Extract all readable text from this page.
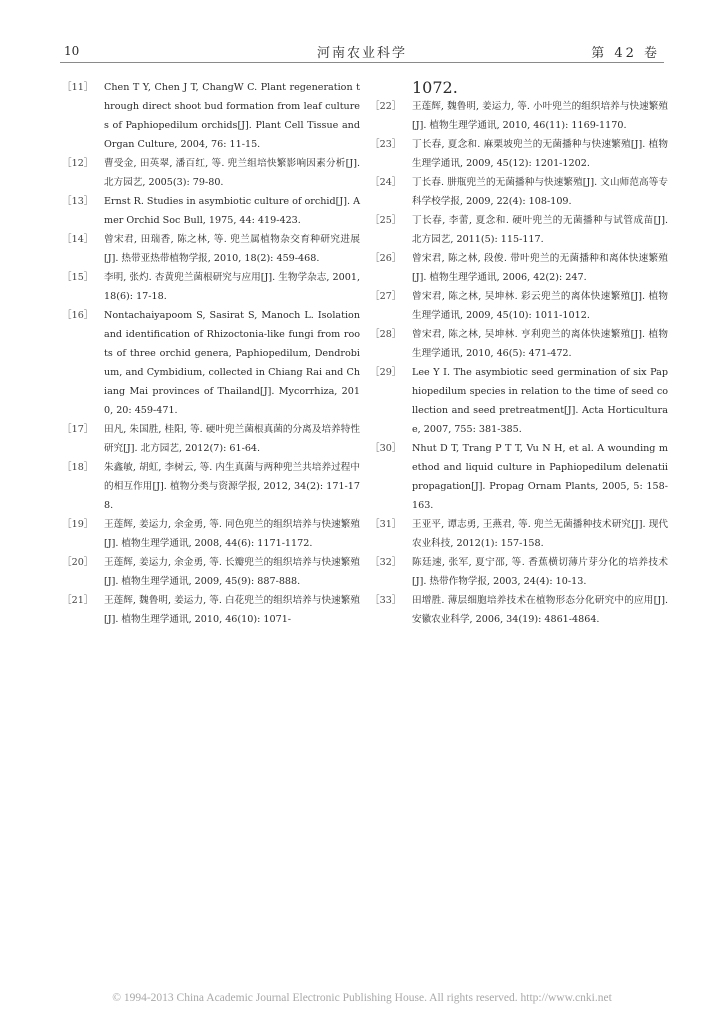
10	河南农业科学	第 42 卷
［11］ Chen T Y, Chen J T, ChangW C. Plant regeneration through direct shoot bud formation from leaf cultures of Paphiopedilum orchids[J]. Plant Cell Tissue and Organ Culture, 2004, 76: 11-15.
［12］ 曹受金, 田英翠, 潘百红, 等. 兜兰组培快繁影响因素分析[J]. 北方园艺, 2005(3): 79-80.
［13］ Ernst R. Studies in asymbiotic culture of orchid[J]. Amer Orchid Soc Bull, 1975, 44: 419-423.
［14］ 曾宋君, 田瑞香, 陈之林, 等. 兜兰属植物杂交育种研究进展[J]. 热带亚热带植物学报, 2010, 18(2): 459-468.
［15］ 李明, 张灼. 杏黄兜兰菌根研究与应用[J]. 生物学杂志, 2001, 18(6): 17-18.
［16］ Nontachaiyapoom S, Sasirat S, Manoch L. Isolation and identification of Rhizoctonia-like fungi from roots of three orchid genera, Paphiopedilum, Dendrobium, and Cymbidium, collected in Chiang Rai and Chiang Mai provinces of Thailand[J]. Mycorrhiza, 2010, 20: 459-471.
［17］ 田凡, 朱国胜, 桂阳, 等. 硬叶兜兰菌根真菌的分离及培养特性研究[J]. 北方园艺, 2012(7): 61-64.
［18］ 朱鑫敏, 胡虹, 李树云, 等. 内生真菌与两种兜兰共培养过程中的相互作用[J]. 植物分类与资源学报, 2012, 34(2): 171-178.
［19］ 王莲辉, 姜运力, 余金勇, 等. 同色兜兰的组织培养与快速繁殖[J]. 植物生理学通讯, 2008, 44(6): 1171-1172.
［20］ 王莲辉, 姜运力, 余金勇, 等. 长瓣兜兰的组织培养与快速繁殖[J]. 植物生理学通讯, 2009, 45(9): 887-888.
［21］ 王莲辉, 魏鲁明, 姜运力, 等. 白花兜兰的组织培养与快速繁殖[J]. 植物生理学通讯, 2010, 46(10): 1071-
1072.
［22］ 王莲辉, 魏鲁明, 姜运力, 等. 小叶兜兰的组织培养与快速繁殖[J]. 植物生理学通讯, 2010, 46(11): 1169-1170.
［23］ 丁长春, 夏念和. 麻栗坡兜兰的无菌播种与快速繁殖[J]. 植物生理学通讯, 2009, 45(12): 1201-1202.
［24］ 丁长春. 肼瓶兜兰的无菌播种与快速繁殖[J]. 文山师范高等专科学校学报, 2009, 22(4): 108-109.
［25］ 丁长春, 李蕾, 夏念和. 硬叶兜兰的无菌播种与试管成苗[J]. 北方园艺, 2011(5): 115-117.
［26］ 曾宋君, 陈之林, 段俊. 带叶兜兰的无菌播种和离体快速繁殖[J]. 植物生理学通讯, 2006, 42(2): 247.
［27］ 曾宋君, 陈之林, 吴坤林. 彩云兜兰的离体快速繁殖[J]. 植物生理学通讯, 2009, 45(10): 1011-1012.
［28］ 曾宋君, 陈之林, 吴坤林. 亨利兜兰的离体快速繁殖[J]. 植物生理学通讯, 2010, 46(5): 471-472.
［29］ Lee Y I. The asymbiotic seed germination of six Paphiopedilum species in relation to the time of seed collection and seed pretreatment[J]. Acta Horticulturae, 2007, 755: 381-385.
［30］ Nhut D T, Trang P T T, Vu N H, et al. A wounding method and liquid culture in Paphiopedilum delenatii propagation[J]. Propag Ornam Plants, 2005, 5: 158-163.
［31］ 王亚平, 谭志勇, 王燕君, 等. 兜兰无菌播种技术研究[J]. 现代农业科技, 2012(1): 157-158.
［32］ 陈廷速, 张军, 夏宁邵, 等. 香蕉横切薄片芽分化的培养技术[J]. 热带作物学报, 2003, 24(4): 10-13.
［33］ 田增胜. 薄层细胞培养技术在植物形态分化研究中的应用[J]. 安徽农业科学, 2006, 34(19): 4861-4864.
© 1994-2013 China Academic Journal Electronic Publishing House. All rights reserved. http://www.cnki.net
